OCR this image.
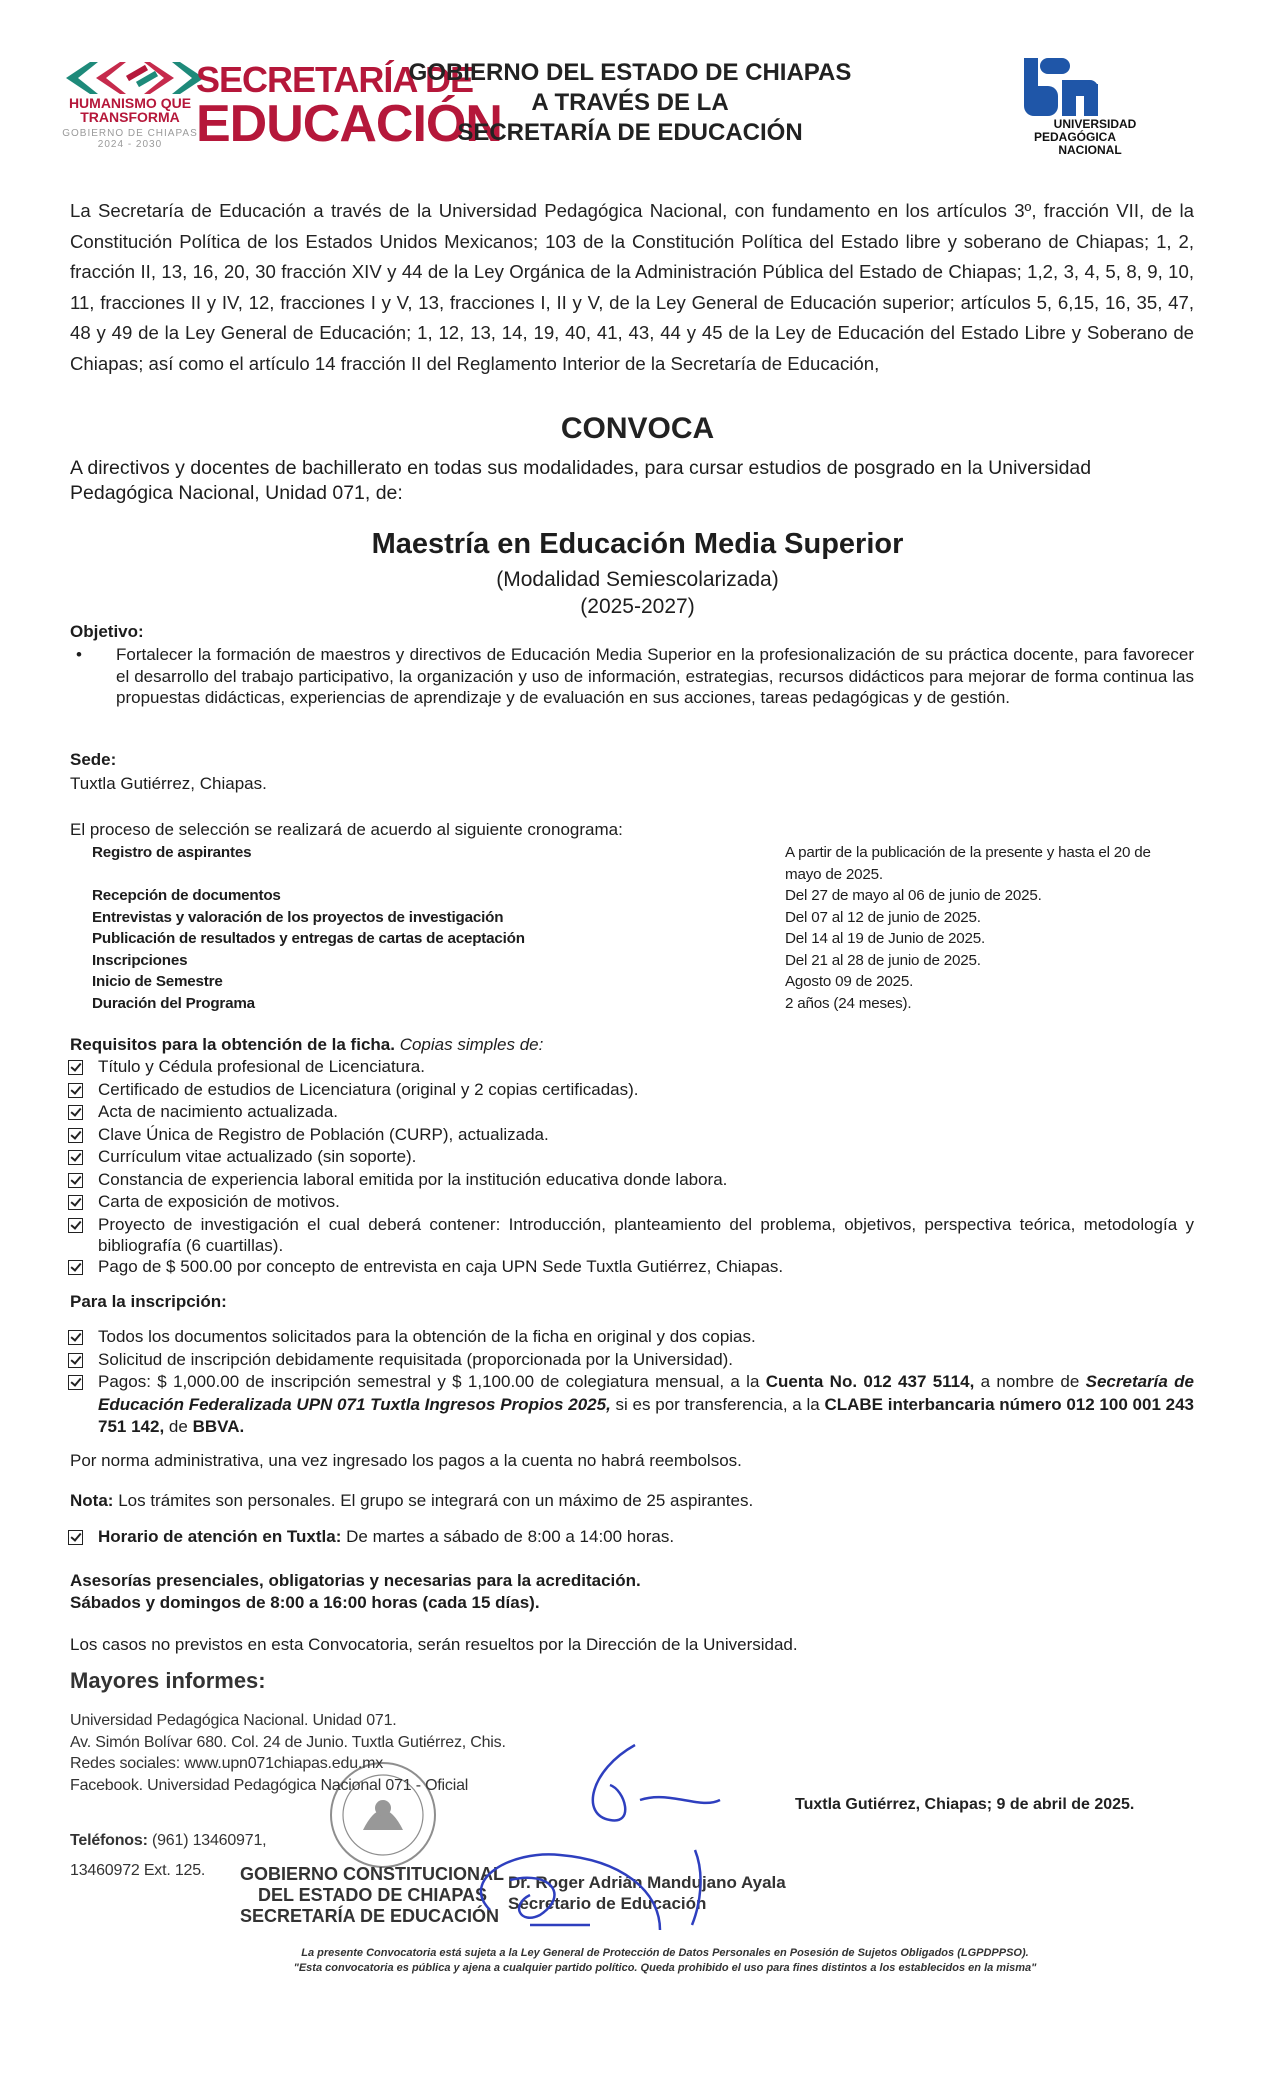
HUMANISMO QUE
TRANSFORMA
GOBIERNO DE CHIAPAS
2024 - 2030
SECRETARÍA DE
EDUCACIÓN
GOBIERNO DEL ESTADO DE CHIAPAS
A TRAVÉS DE LA
SECRETARÍA DE EDUCACIÓN	UNIVERSIDAD
PEDAGÓGICA
NACIONAL
La Secretaría de Educación a través de la Universidad Pedagógica Nacional, con fundamento en los artículos 3º, fracción VII, de la Constitución Política de los Estados Unidos Mexicanos; 103 de la Constitución Política del Estado libre y soberano de Chiapas; 1, 2, fracción II, 13, 16, 20, 30 fracción XIV y 44 de la Ley Orgánica de la Administración Pública del Estado de Chiapas; 1,2, 3, 4, 5, 8, 9, 10, 11, fracciones II y IV, 12, fracciones I y V, 13, fracciones I, II y V, de la Ley General de Educación superior; artículos 5, 6,15, 16, 35, 47, 48 y 49 de la Ley General de Educación; 1, 12, 13, 14, 19, 40, 41, 43, 44 y 45 de la Ley de Educación del Estado Libre y Soberano de Chiapas; así como el artículo 14 fracción II del Reglamento Interior de la Secretaría de Educación,
CONVOCA
A directivos y docentes de bachillerato en todas sus modalidades, para cursar estudios de posgrado en la Universidad Pedagógica Nacional, Unidad 071, de:
Maestría en Educación Media Superior
(Modalidad Semiescolarizada)
(2025-2027)
Objetivo:
• Fortalecer la formación de maestros y directivos de Educación Media Superior en la profesionalización de su práctica docente, para favorecer el desarrollo del trabajo participativo, la organización y uso de información, estrategias, recursos didácticos para mejorar de forma continua las propuestas didácticas, experiencias de aprendizaje y de evaluación en sus acciones, tareas pedagógicas y de gestión.
Sede:
Tuxtla Gutiérrez, Chiapas.
El proceso de selección se realizará de acuerdo al siguiente cronograma:
Registro de aspirantes
Recepción de documentos
Entrevistas y valoración de los proyectos de investigación
Publicación de resultados y entregas de cartas de aceptación
Inscripciones
Inicio de Semestre
Duración del Programa
A partir de la publicación de la presente y hasta el 20 de mayo de 2025.
Del 27 de mayo al 06 de junio de 2025.
Del 07 al 12 de junio de 2025.
Del 14 al 19 de Junio de 2025.
Del 21 al 28 de junio de 2025.
Agosto 09 de 2025.
2 años (24 meses).
Requisitos para la obtención de la ficha. Copias simples de:
Título y Cédula profesional de Licenciatura.
Certificado de estudios de Licenciatura (original y 2 copias certificadas).
Acta de nacimiento actualizada.
Clave Única de Registro de Población (CURP), actualizada.
Currículum vitae actualizado (sin soporte).
Constancia de experiencia laboral emitida por la institución educativa donde labora.
Carta de exposición de motivos.
Proyecto de investigación el cual deberá contener: Introducción, planteamiento del problema, objetivos, perspectiva teórica, metodología y bibliografía (6 cuartillas).
Pago de $ 500.00 por concepto de entrevista en caja UPN Sede Tuxtla Gutiérrez, Chiapas.
Para la inscripción:
Todos los documentos solicitados para la obtención de la ficha en original y dos copias.
Solicitud de inscripción debidamente requisitada (proporcionada por la Universidad).
Pagos: $ 1,000.00 de inscripción semestral y $ 1,100.00 de colegiatura mensual, a la Cuenta No. 012 437 5114, a nombre de Secretaría de Educación Federalizada UPN 071 Tuxtla Ingresos Propios 2025, si es por transferencia, a la CLABE interbancaria número 012 100 001 243 751 142, de BBVA.
Por norma administrativa, una vez ingresado los pagos a la cuenta no habrá reembolsos.
Nota: Los trámites son personales. El grupo se integrará con un máximo de 25 aspirantes.
Horario de atención en Tuxtla: De martes a sábado de 8:00 a 14:00 horas.
Asesorías presenciales, obligatorias y necesarias para la acreditación.
Sábados y domingos de 8:00 a 16:00 horas (cada 15 días).
Los casos no previstos en esta Convocatoria, serán resueltos por la Dirección de la Universidad.
Mayores informes:
Universidad Pedagógica Nacional. Unidad 071.
Av. Simón Bolívar 680. Col. 24 de Junio. Tuxtla Gutiérrez, Chis.
Redes sociales: www.upn071chiapas.edu.mx
Facebook. Universidad Pedagógica Nacional 071 - Oficial
Teléfonos: (961) 13460971,
13460972 Ext. 125.
Tuxtla Gutiérrez, Chiapas; 9 de abril de 2025.
GOBIERNO CONSTITUCIONAL
DEL ESTADO DE CHIAPAS
SECRETARÍA DE EDUCACIÓN
Dr. Roger Adrián Mandujano Ayala
Secretario de Educación
La presente Convocatoria está sujeta a la Ley General de Protección de Datos Personales en Posesión de Sujetos Obligados (LGPDPPSO).
"Esta convocatoria es pública y ajena a cualquier partido político. Queda prohibido el uso para fines distintos a los establecidos en la misma"
